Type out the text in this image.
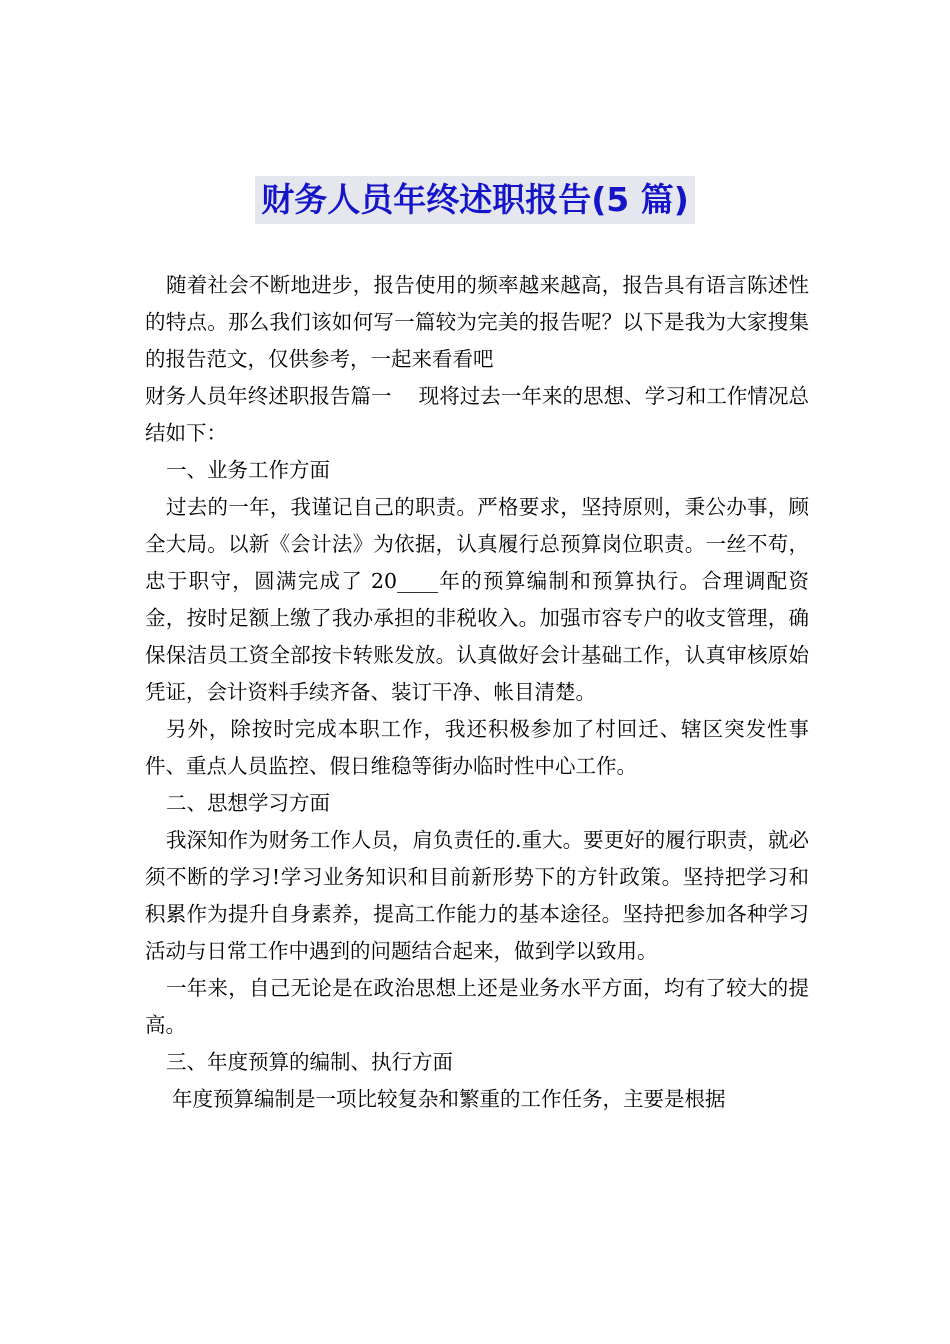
财务人员年终述职报告(5 篇)

随着社会不断地进步，报告使用的频率越来越高，报告具有语言陈述性的特点。那么我们该如何写一篇较为完美的报告呢？以下是我为大家搜集的报告范文，仅供参考，一起来看看吧

财务人员年终述职报告篇一　 现将过去一年来的思想、学习和工作情况总结如下：

一、业务工作方面

过去的一年，我谨记自己的职责。严格要求，坚持原则，秉公办事，顾全大局。以新《会计法》为依据，认真履行总预算岗位职责。一丝不苟，忠于职守，圆满完成了 20____年的预算编制和预算执行。合理调配资金，按时足额上缴了我办承担的非税收入。加强市容专户的收支管理，确保保洁员工资全部按卡转账发放。认真做好会计基础工作，认真审核原始凭证，会计资料手续齐备、装订干净、帐目清楚。

另外，除按时完成本职工作，我还积极参加了村回迁、辖区突发性事件、重点人员监控、假日维稳等街办临时性中心工作。

二、思想学习方面

我深知作为财务工作人员，肩负责任的.重大。要更好的履行职责，就必须不断的学习!学习业务知识和目前新形势下的方针政策。坚持把学习和积累作为提升自身素养，提高工作能力的基本途径。坚持把参加各种学习活动与日常工作中遇到的问题结合起来，做到学以致用。

一年来，自己无论是在政治思想上还是业务水平方面，均有了较大的提高。

三、年度预算的编制、执行方面

年度预算编制是一项比较复杂和繁重的工作任务，主要是根据
